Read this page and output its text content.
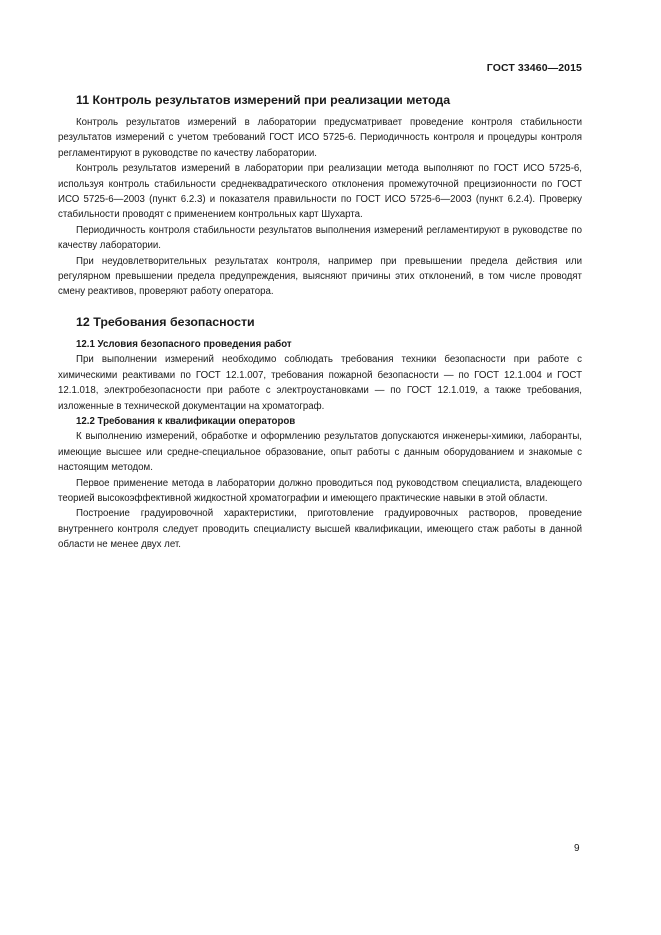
ГОСТ 33460—2015
11 Контроль результатов измерений при реализации метода

Контроль результатов измерений в лаборатории предусматривает проведение контроля стабильности результатов измерений с учетом требований ГОСТ ИСО 5725-6. Периодичность контроля и процедуры контроля регламентируют в руководстве по качеству лаборатории.

Контроль результатов измерений в лаборатории при реализации метода выполняют по ГОСТ ИСО 5725-6, используя контроль стабильности среднеквадратического отклонения промежуточной прецизионности по ГОСТ ИСО 5725-6—2003 (пункт 6.2.3) и показателя правильности по ГОСТ ИСО 5725-6—2003 (пункт 6.2.4). Проверку стабильности проводят с применением контрольных карт Шухарта.

Периодичность контроля стабильности результатов выполнения измерений регламентируют в руководстве по качеству лаборатории.

При неудовлетворительных результатах контроля, например при превышении предела действия или регулярном превышении предела предупреждения, выясняют причины этих отклонений, в том числе проводят смену реактивов, проверяют работу оператора.

12 Требования безопасности
12.1 Условия безопасного проведения работ

При выполнении измерений необходимо соблюдать требования техники безопасности при работе с химическими реактивами по ГОСТ 12.1.007, требования пожарной безопасности — по ГОСТ 12.1.004 и ГОСТ 12.1.018, электробезопасности при работе с электроустановками — по ГОСТ 12.1.019, а также требования, изложенные в технической документации на хроматограф.

12.2 Требования к квалификации операторов

К выполнению измерений, обработке и оформлению результатов допускаются инженеры-химики, лаборанты, имеющие высшее или средне-специальное образование, опыт работы с данным оборудованием и знакомые с настоящим методом.

Первое применение метода в лаборатории должно проводиться под руководством специалиста, владеющего теорией высокоэффективной жидкостной хроматографии и имеющего практические навыки в этой области.

Построение градуировочной характеристики, приготовление градуировочных растворов, проведение внутреннего контроля следует проводить специалисту высшей квалификации, имеющего стаж работы в данной области не менее двух лет.

9
